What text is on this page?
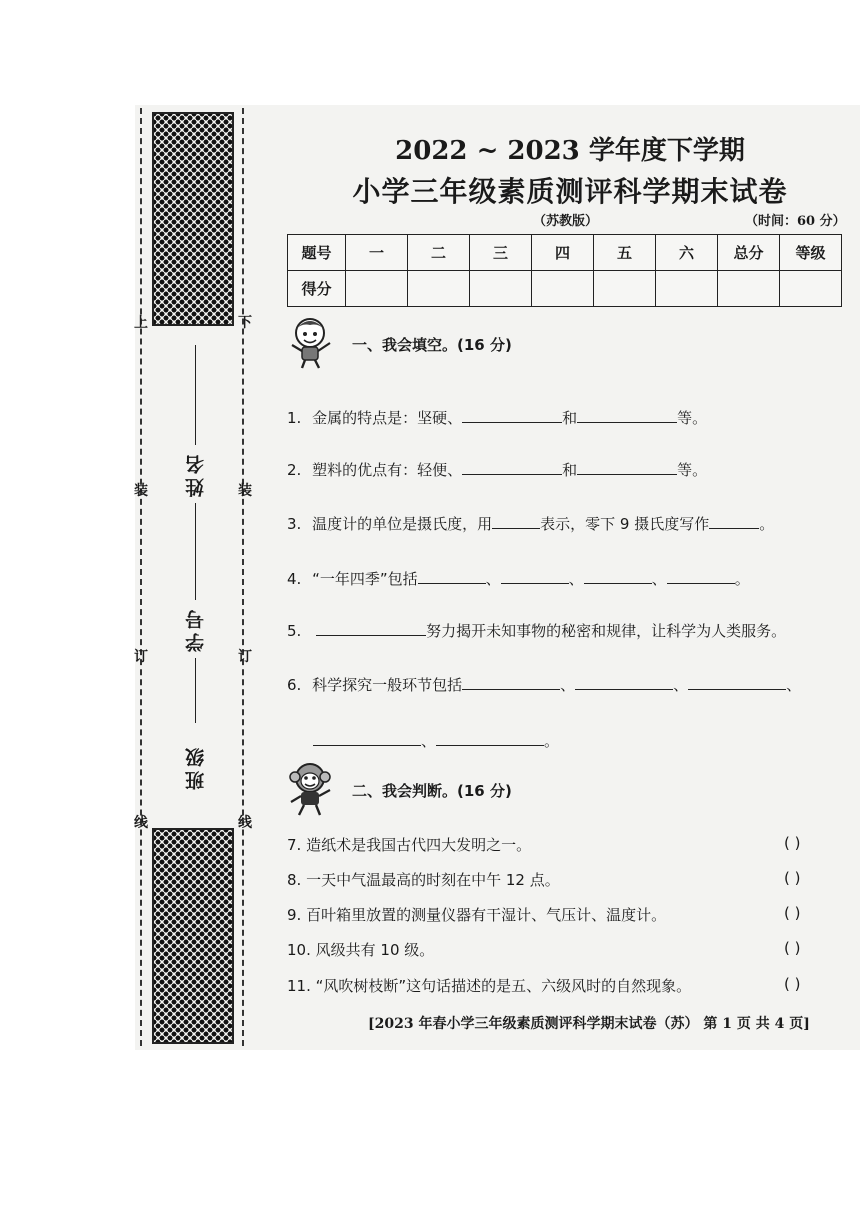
上
装
订
线
下
装
订
线
姓名
学号
班级
2022 ~ 2023 学年度下学期
小学三年级素质测评科学期末试卷
（苏教版）	（时间：60 分）
题号	一	二	三	四	五	六	总分	等级
得分								
一、我会填空。(16 分)
1. 金属的特点是：坚硬、	和	等。
2. 塑料的优点有：轻便、	和	等。
3. 温度计的单位是摄氏度，用	表示，零下 9 摄氏度写作	。
4. “一年四季”包括	、	、	、	。
5.	努力揭开未知事物的秘密和规律，让科学为人类服务。
6. 科学探究一般环节包括	、	、	、
、	。
二、我会判断。(16 分)
7. 造纸术是我国古代四大发明之一。	( )
8. 一天中气温最高的时刻在中午 12 点。	( )
9. 百叶箱里放置的测量仪器有干湿计、气压计、温度计。	( )
10. 风级共有 10 级。	( )
11. “风吹树枝断”这句话描述的是五、六级风时的自然现象。	( )
[2023 年春小学三年级素质测评科学期末试卷（苏） 第 1 页 共 4 页]
